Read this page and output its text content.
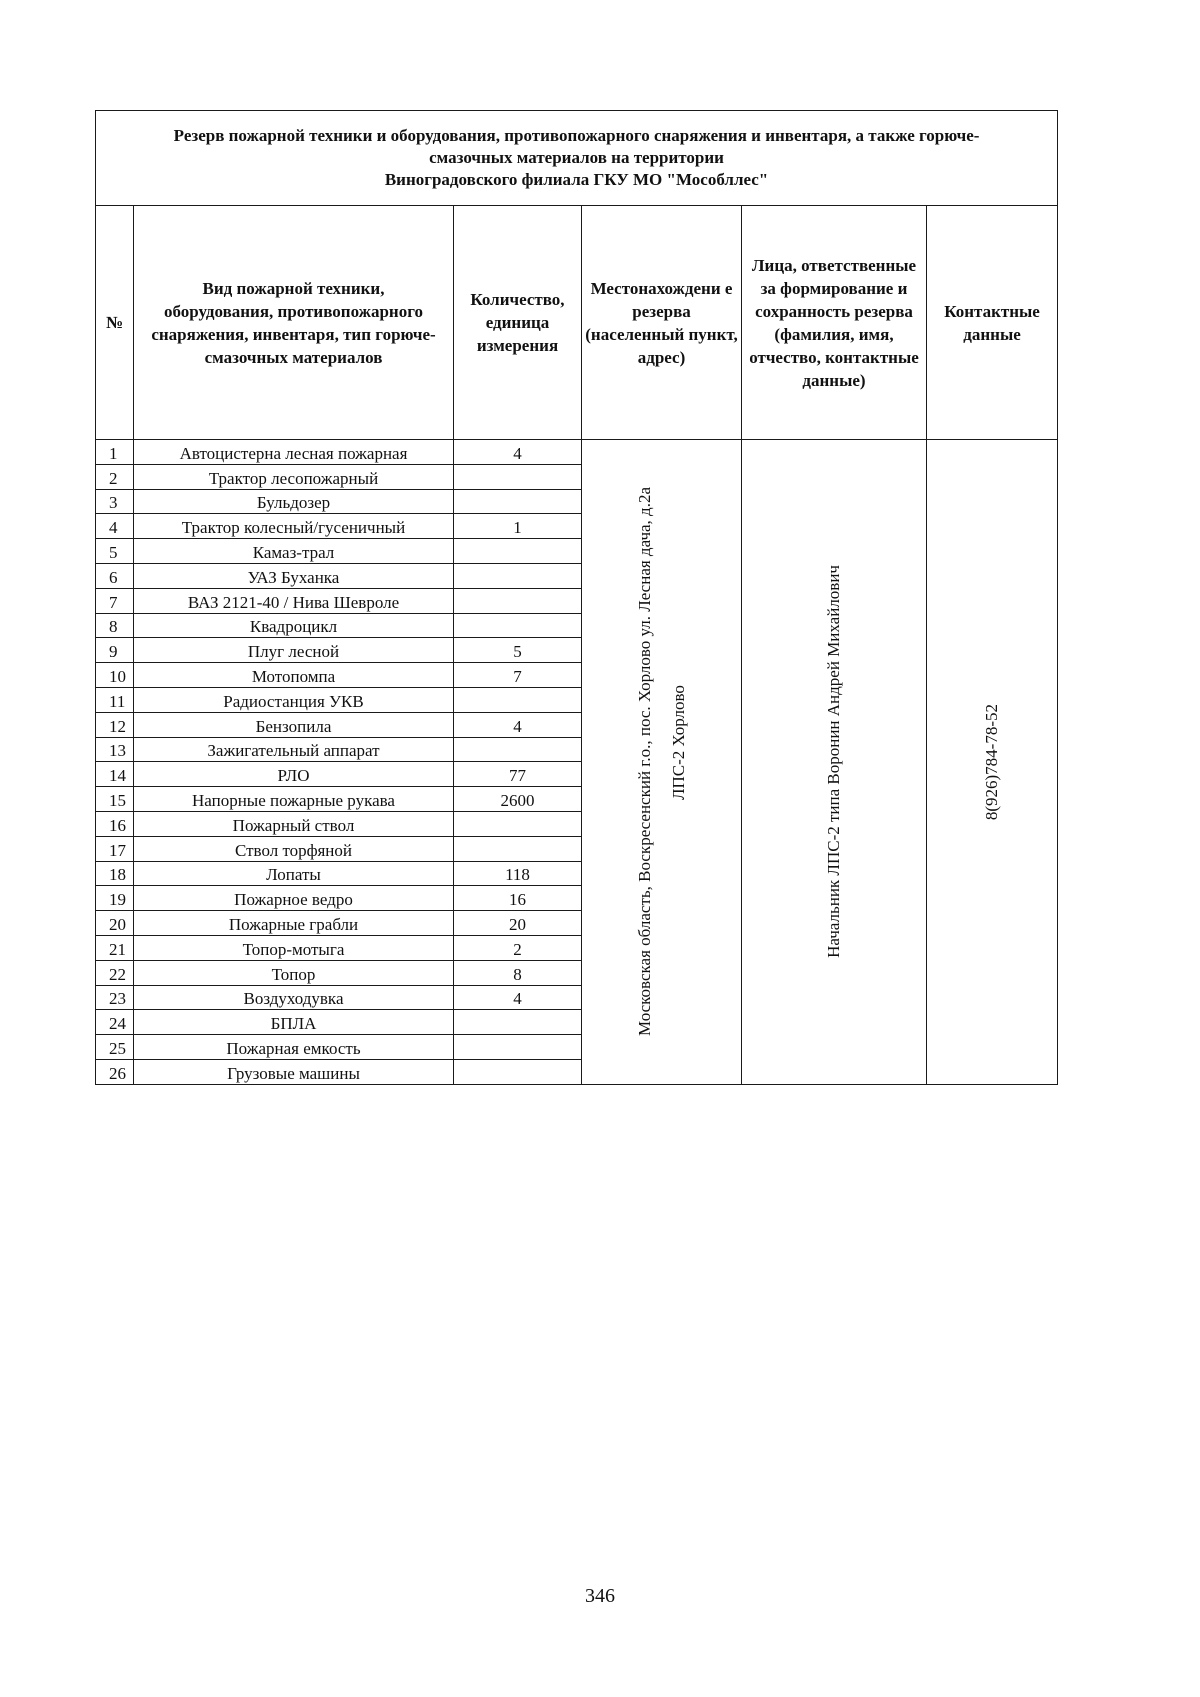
Резерв пожарной техники и оборудования, противопожарного снаряжения и инвентаря, а также горюче-
смазочных материалов на территории
Виноградовского филиала ГКУ МО "Мособллес"					

№	Вид пожарной техники, оборудования, противопожарного снаряжения, инвентаря, тип горюче-смазочных материалов	Количество, единица измерения	Местонахождени е резерва (населенный пункт, адрес)	Лица, ответственные за формирование и сохранность резерва (фамилия, имя, отчество, контактные данные)	Контактные данные

1	Автоцистерна лесная пожарная	4	Московская область, Воскресенский г.о., пос. Хорлово ул. Лесная дача, д.2а ЛПС-2 Хорлово	Начальник ЛПС-2 типа Воронин Андрей Михайлович	8(926)784-78-52

2	Трактор лесопожарный				
3	Бульдозер				
4	Трактор колесный/гусеничный	1			
5	Камаз-трал				
6	УАЗ Буханка				
7	ВАЗ 2121-40 / Нива Шевроле				
8	Квадроцикл				
9	Плуг лесной	5			
10	Мотопомпа	7			
11	Радиостанция УКВ				
12	Бензопила	4			
13	Зажигательный аппарат				
14	РЛО	77			
15	Напорные пожарные рукава	2600			
16	Пожарный ствол				
17	Ствол торфяной				
18	Лопаты	118			
19	Пожарное ведро	16			
20	Пожарные грабли	20			
21	Топор-мотыга	2			
22	Топор	8			
23	Воздуходувка	4			
24	БПЛА				
25	Пожарная емкость				
26	Грузовые машины				
346
